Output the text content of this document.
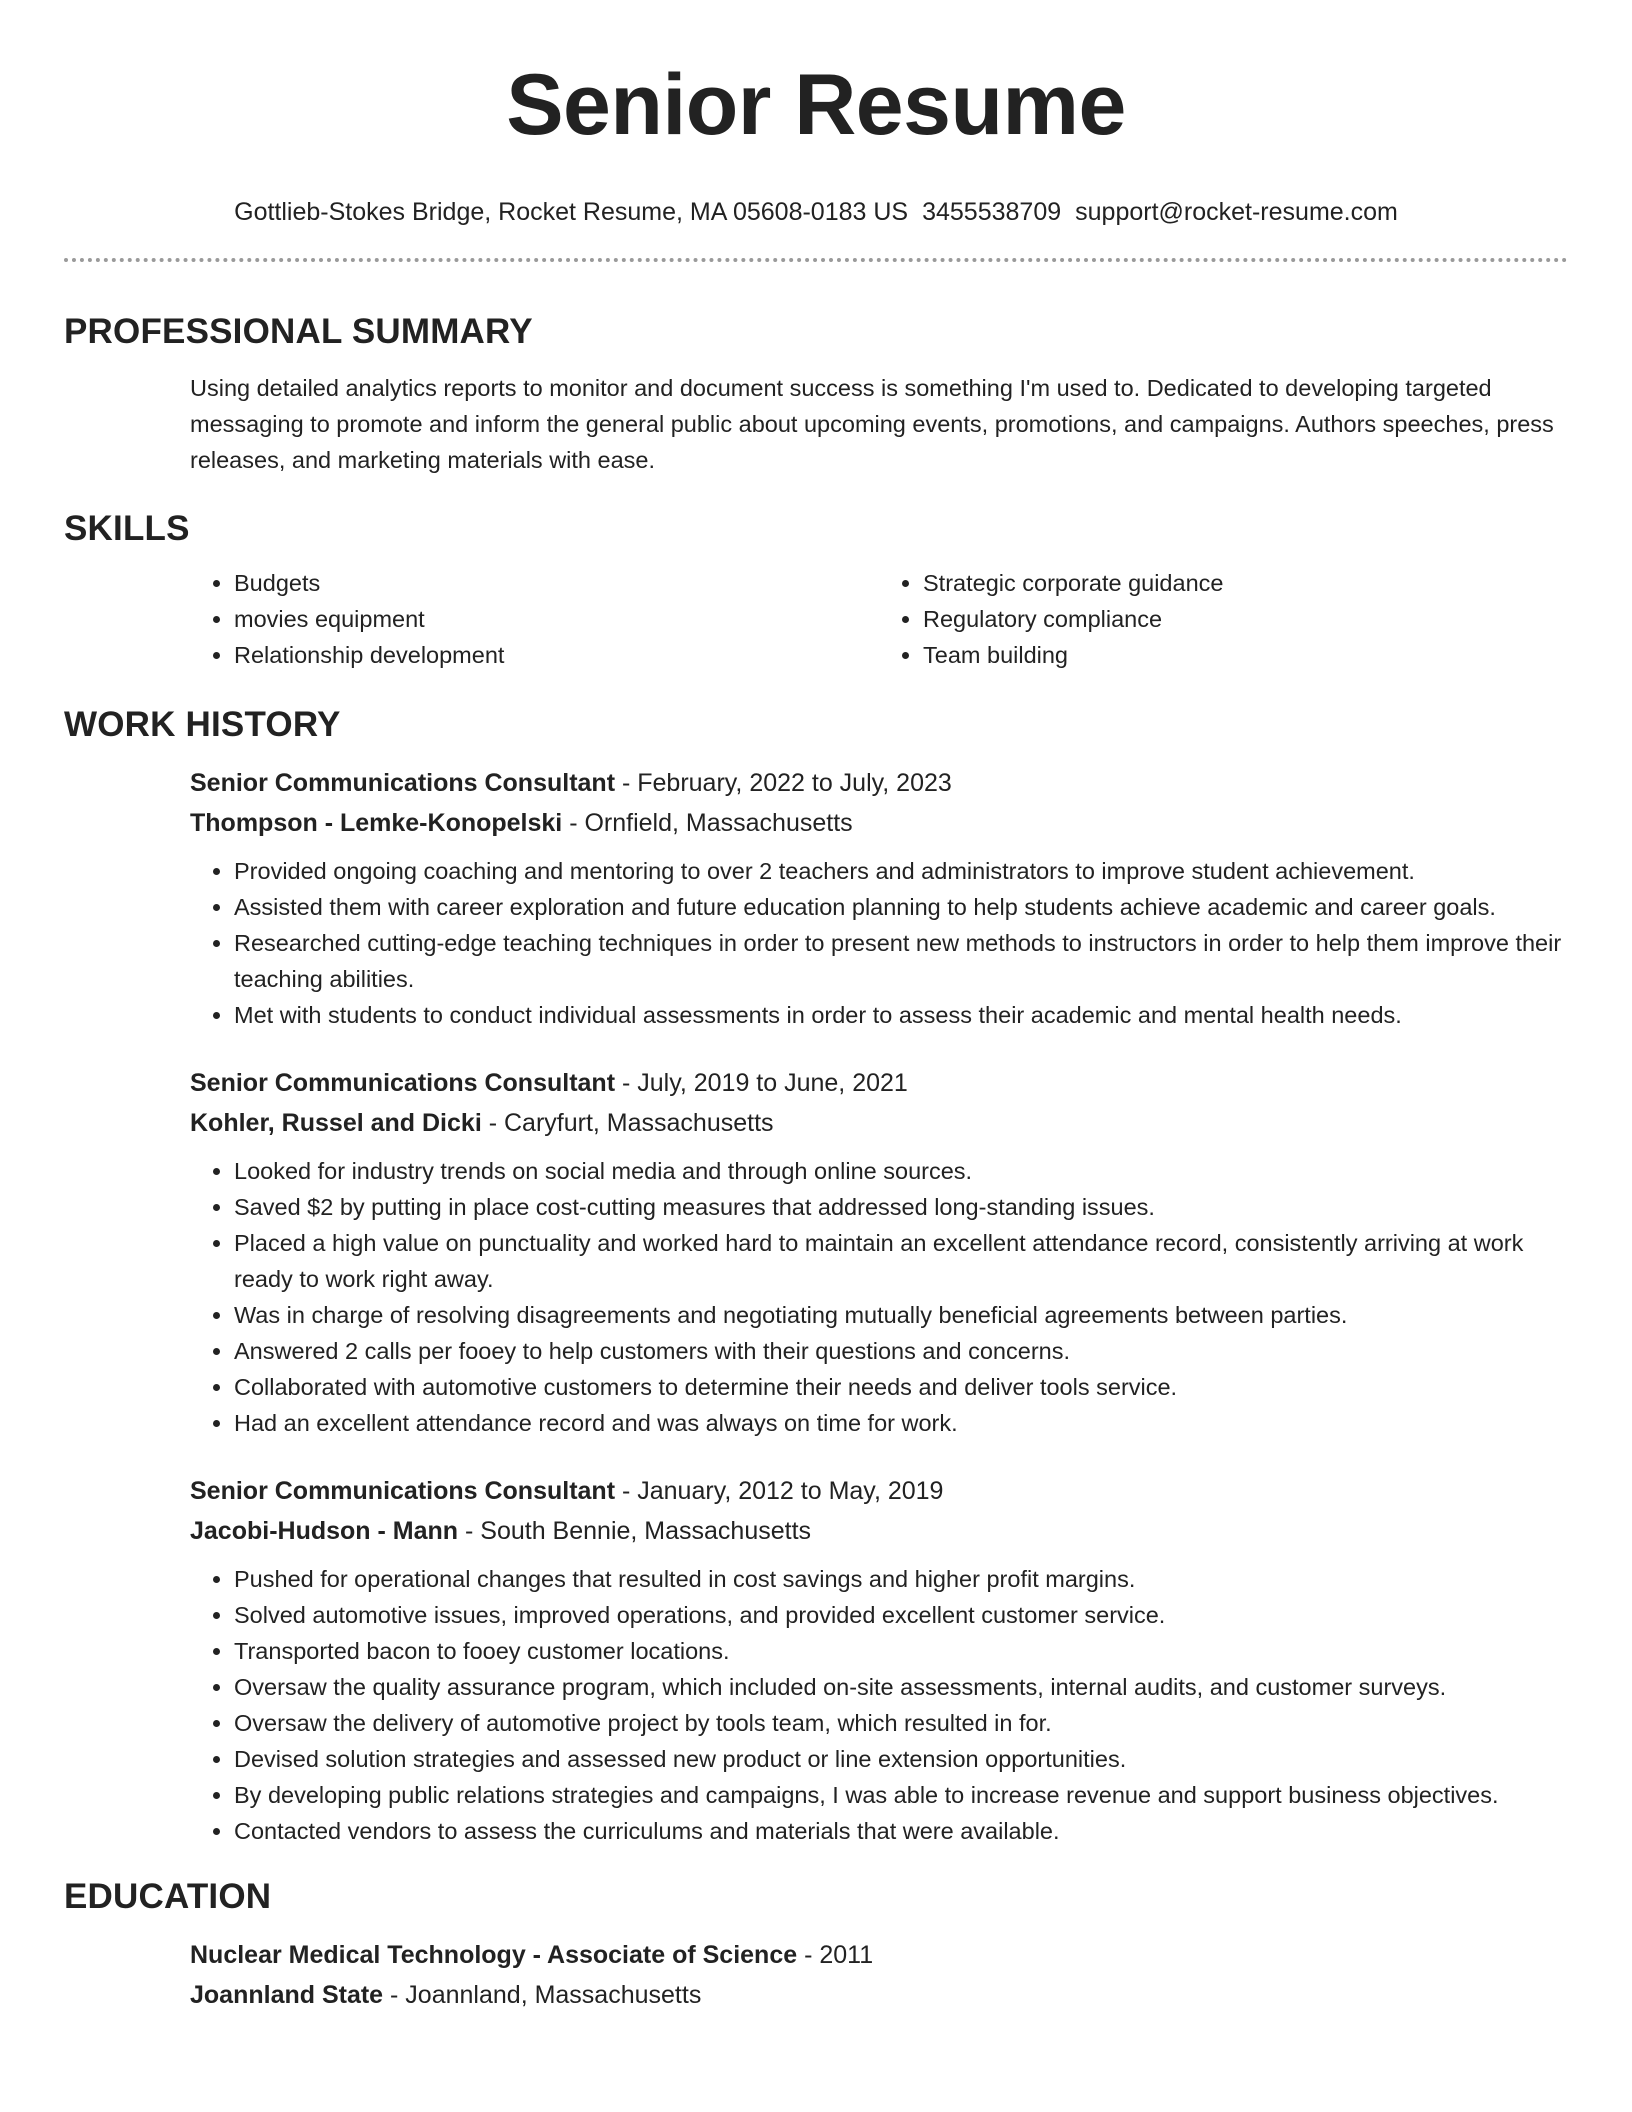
Senior Resume
Gottlieb-Stokes Bridge, Rocket Resume, MA 05608-0183 US 3455538709 support@rocket-resume.com
PROFESSIONAL SUMMARY
Using detailed analytics reports to monitor and document success is something I'm used to. Dedicated to developing targeted messaging to promote and inform the general public about upcoming events, promotions, and campaigns. Authors speeches, press releases, and marketing materials with ease.
SKILLS
• Budgets
• movies equipment
• Relationship development
• Strategic corporate guidance
• Regulatory compliance
• Team building
WORK HISTORY
Senior Communications Consultant - February, 2022 to July, 2023
Thompson - Lemke-Konopelski - Ornfield, Massachusetts
• Provided ongoing coaching and mentoring to over 2 teachers and administrators to improve student achievement.
• Assisted them with career exploration and future education planning to help students achieve academic and career goals.
• Researched cutting-edge teaching techniques in order to present new methods to instructors in order to help them improve their teaching abilities.
• Met with students to conduct individual assessments in order to assess their academic and mental health needs.
Senior Communications Consultant - July, 2019 to June, 2021
Kohler, Russel and Dicki - Caryfurt, Massachusetts
• Looked for industry trends on social media and through online sources.
• Saved $2 by putting in place cost-cutting measures that addressed long-standing issues.
• Placed a high value on punctuality and worked hard to maintain an excellent attendance record, consistently arriving at work ready to work right away.
• Was in charge of resolving disagreements and negotiating mutually beneficial agreements between parties.
• Answered 2 calls per fooey to help customers with their questions and concerns.
• Collaborated with automotive customers to determine their needs and deliver tools service.
• Had an excellent attendance record and was always on time for work.
Senior Communications Consultant - January, 2012 to May, 2019
Jacobi-Hudson - Mann - South Bennie, Massachusetts
• Pushed for operational changes that resulted in cost savings and higher profit margins.
• Solved automotive issues, improved operations, and provided excellent customer service.
• Transported bacon to fooey customer locations.
• Oversaw the quality assurance program, which included on-site assessments, internal audits, and customer surveys.
• Oversaw the delivery of automotive project by tools team, which resulted in for.
• Devised solution strategies and assessed new product or line extension opportunities.
• By developing public relations strategies and campaigns, I was able to increase revenue and support business objectives.
• Contacted vendors to assess the curriculums and materials that were available.
EDUCATION
Nuclear Medical Technology - Associate of Science - 2011
Joannland State - Joannland, Massachusetts
